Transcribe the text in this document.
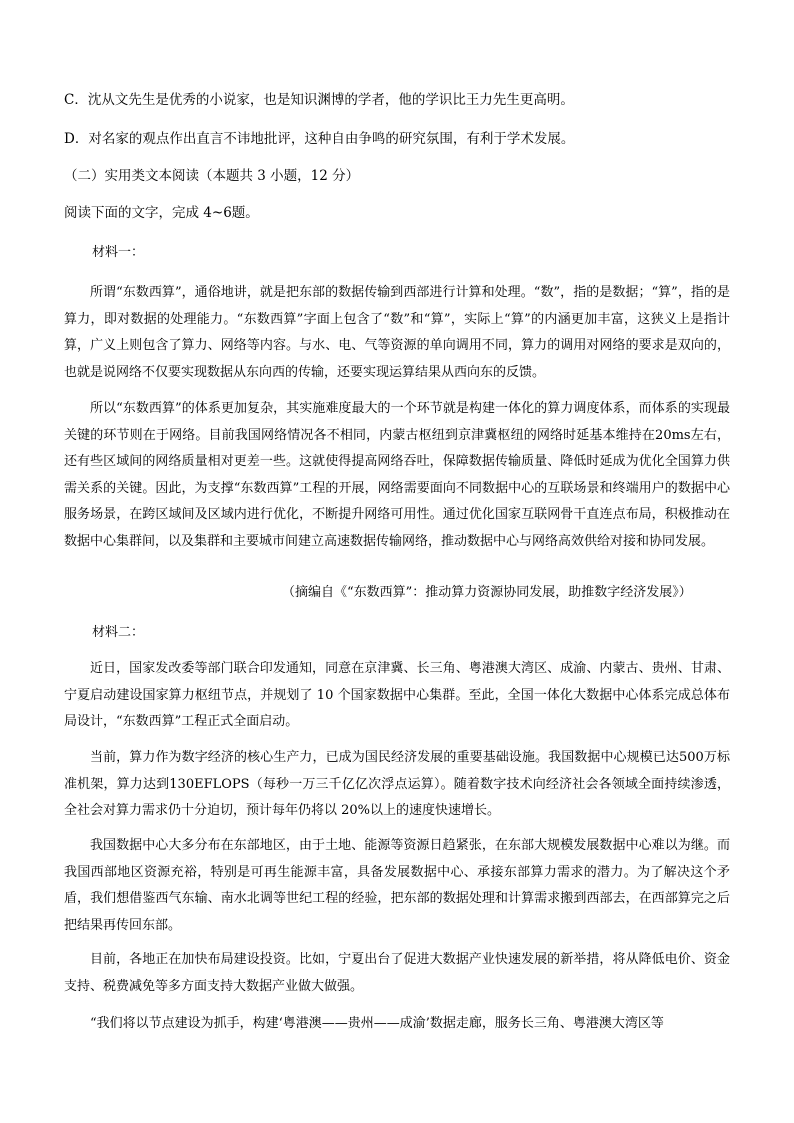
C．沈从文先生是优秀的小说家，也是知识渊博的学者，他的学识比王力先生更高明。
D．对名家的观点作出直言不讳地批评，这种自由争鸣的研究氛围，有利于学术发展。
（二）实用类文本阅读（本题共 3 小题，12 分）
阅读下面的文字，完成 4~6题。
材料一：

所谓“东数西算”，通俗地讲，就是把东部的数据传输到西部进行计算和处理。“数”，指的是数据；“算”，指的是算力，即对数据的处理能力。“东数西算”字面上包含了“数”和“算”，实际上“算”的内涵更加丰富，这狭义上是指计算，广义上则包含了算力、网络等内容。与水、电、气等资源的单向调用不同，算力的调用对网络的要求是双向的，也就是说网络不仅要实现数据从东向西的传输，还要实现运算结果从西向东的反馈。

所以“东数西算”的体系更加复杂，其实施难度最大的一个环节就是构建一体化的算力调度体系，而体系的实现最关键的环节则在于网络。目前我国网络情况各不相同，内蒙古枢纽到京津冀枢纽的网络时延基本维持在20ms左右，还有些区域间的网络质量相对更差一些。这就使得提高网络吞吐，保障数据传输质量、降低时延成为优化全国算力供需关系的关键。因此，为支撑“东数西算”工程的开展，网络需要面向不同数据中心的互联场景和终端用户的数据中心服务场景，在跨区域间及区域内进行优化，不断提升网络可用性。通过优化国家互联网骨干直连点布局，积极推动在数据中心集群间，以及集群和主要城市间建立高速数据传输网络，推动数据中心与网络高效供给对接和协同发展。

（摘编自《“东数西算”：推动算力资源协同发展，助推数字经济发展》）
材料二：

近日，国家发改委等部门联合印发通知，同意在京津冀、长三角、粤港澳大湾区、成渝、内蒙古、贵州、甘肃、宁夏启动建设国家算力枢纽节点，并规划了 10 个国家数据中心集群。至此，全国一体化大数据中心体系完成总体布局设计，“东数西算”工程正式全面启动。

当前，算力作为数字经济的核心生产力，已成为国民经济发展的重要基础设施。我国数据中心规模已达500万标准机架，算力达到130EFLOPS（每秒一万三千亿亿次浮点运算）。随着数字技术向经济社会各领域全面持续渗透，全社会对算力需求仍十分迫切，预计每年仍将以 20%以上的速度快速增长。

我国数据中心大多分布在东部地区，由于土地、能源等资源日趋紧张，在东部大规模发展数据中心难以为继。而我国西部地区资源充裕，特别是可再生能源丰富，具备发展数据中心、承接东部算力需求的潜力。为了解决这个矛盾，我们想借鉴西气东输、南水北调等世纪工程的经验，把东部的数据处理和计算需求搬到西部去，在西部算完之后把结果再传回东部。

目前，各地正在加快布局建设投资。比如，宁夏出台了促进大数据产业快速发展的新举措，将从降低电价、资金支持、税费减免等多方面支持大数据产业做大做强。

“我们将以节点建设为抓手，构建‘粤港澳——贵州——成渝’数据走廊，服务长三角、粤港澳大湾区等
